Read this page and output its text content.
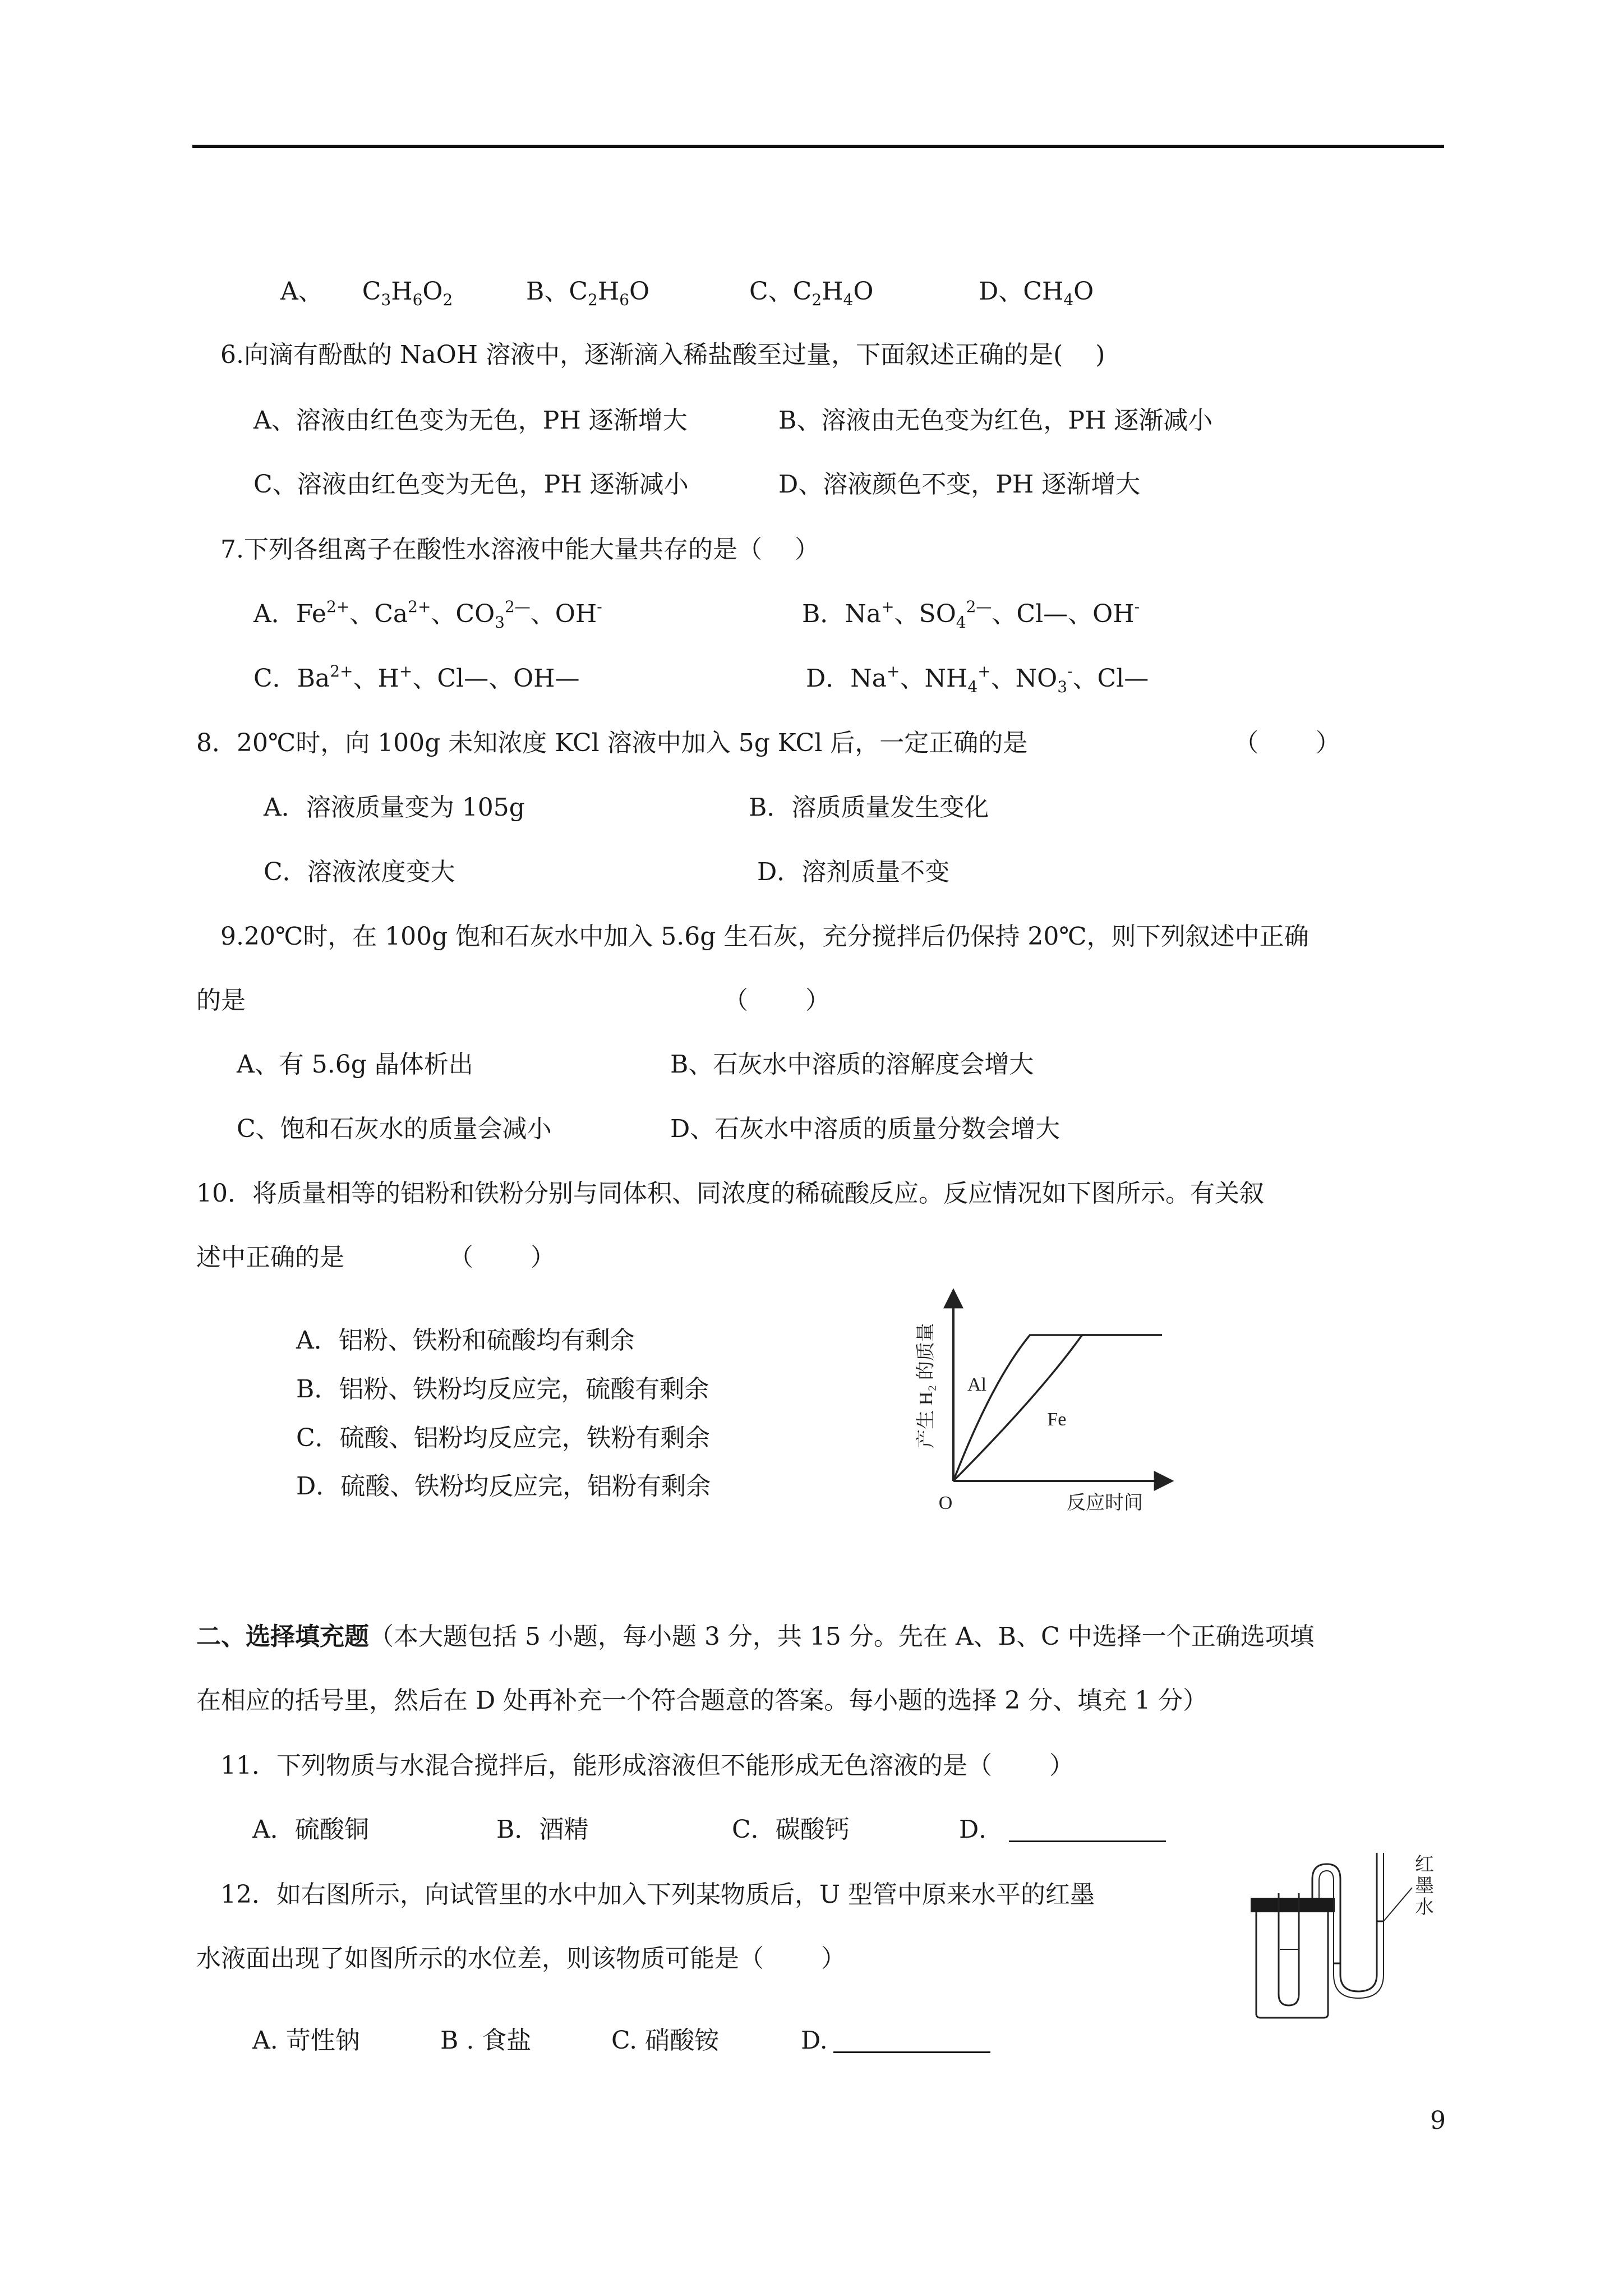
A、 $C_3H_6O_2$	B、$C_2H_6O$	C、$C_2H_4O$	D、$CH_4O$
6.向滴有酚酞的 NaOH 溶液中，逐渐滴入稀盐酸至过量，下面叙述正确的是(　 )
A、溶液由红色变为无色，PH 逐渐增大	B、溶液由无色变为红色，PH 逐渐减小
C、溶液由红色变为无色，PH 逐渐减小	D、溶液颜色不变，PH 逐渐增大
7.下列各组离子在酸性水溶液中能大量共存的是（　 ）
A．$Fe^{2+}$、$Ca^{2+}$、$CO_3^{2—}$、OH-	B．Na+、$SO_4^{2—}$、Cl—、OH-
C．$Ba^{2+}$、H+、Cl—、OH—	D．Na+、$NH_4^+$、$NO_3^-$、Cl—
8．20℃时，向 100g 未知浓度 KCl 溶液中加入 5g KCl 后，一定正确的是	（　　 ）
A．溶液质量变为 105g	B．溶质质量发生变化
C．溶液浓度变大	D．溶剂质量不变
9.20℃时，在 100g 饱和石灰水中加入 5.6g 生石灰，充分搅拌后仍保持 20℃，则下列叙述中正确
的是	（　　 ）
A、有 5.6g 晶体析出	B、石灰水中溶质的溶解度会增大
C、饱和石灰水的质量会减小	D、石灰水中溶质的质量分数会增大
10．将质量相等的铝粉和铁粉分别与同体积、同浓度的稀硫酸反应。反应情况如下图所示。有关叙
述中正确的是	（　　 ）
A．铝粉、铁粉和硫酸均有剩余
B．铝粉、铁粉均反应完，硫酸有剩余
C．硫酸、铝粉均反应完，铁粉有剩余
D．硫酸、铁粉均反应完，铝粉有剩余
产生 H₂ 的质量
反应时间
O
Al
Fe
二、选择填充题（本大题包括 5 小题，每小题 3 分，共 15 分。先在 A、B、C 中选择一个正确选项填
在相应的括号里，然后在 D 处再补充一个符合题意的答案。每小题的选择 2 分、填充 1 分）
11．下列物质与水混合搅拌后，能形成溶液但不能形成无色溶液的是（　　 ）
A．硫酸铜	B．酒精	C．碳酸钙	D．
12．如右图所示，向试管里的水中加入下列某物质后，U 型管中原来水平的红墨
水液面出现了如图所示的水位差，则该物质可能是（　　 ）
A. 苛性钠	B . 食盐	C. 硝酸铵	D.
红
墨
水
9
